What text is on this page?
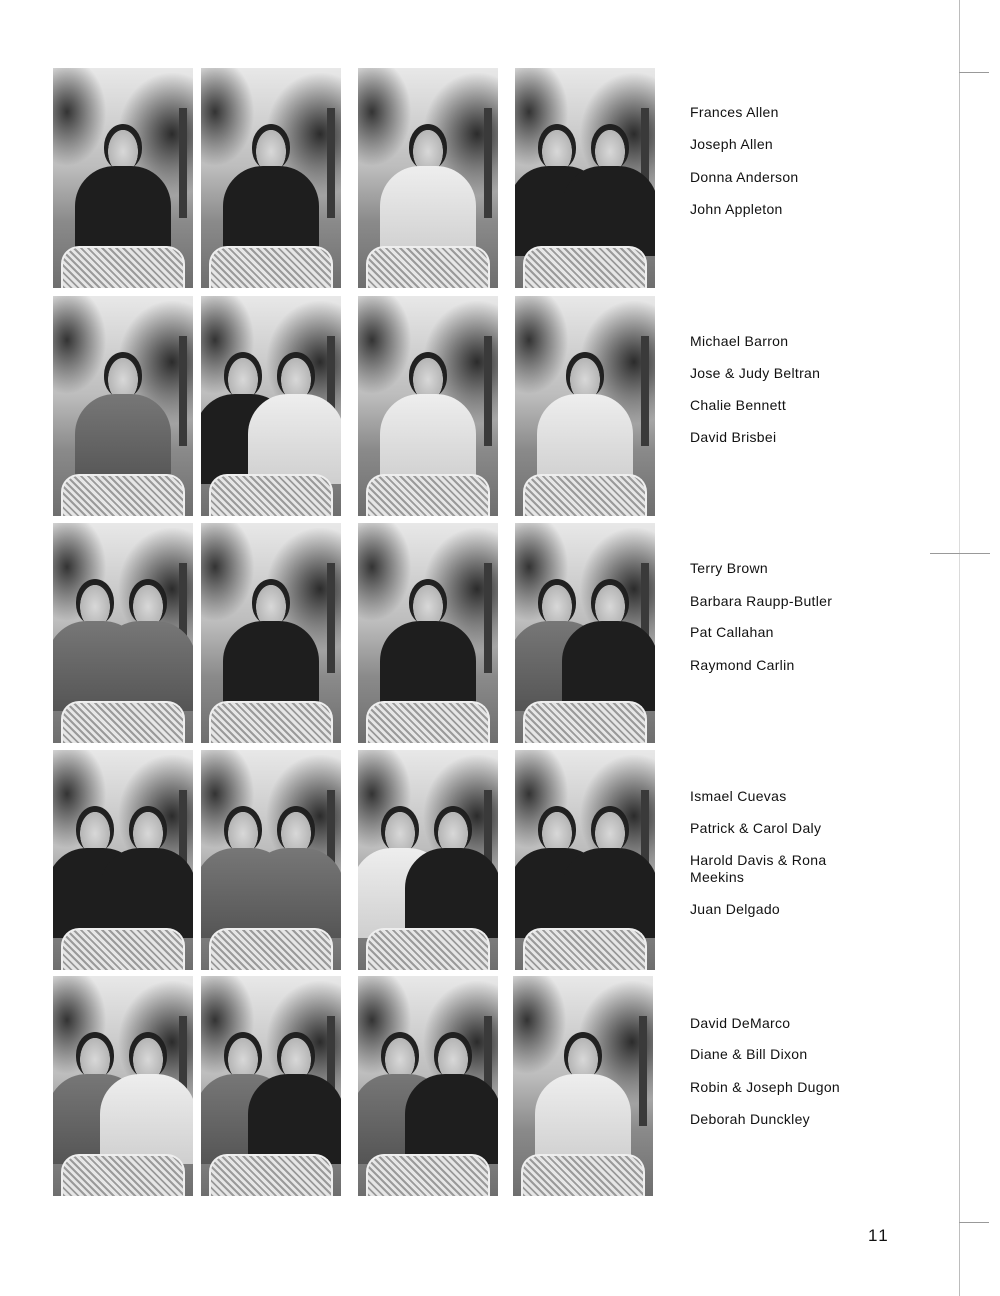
Frances Allen
Joseph Allen
Donna Anderson
John Appleton
Michael Barron
Jose & Judy Beltran
Chalie Bennett
David Brisbei
Terry Brown
Barbara Raupp-Butler
Pat Callahan
Raymond Carlin
Ismael Cuevas
Patrick & Carol Daly
Harold Davis & Rona
Meekins
Juan Delgado
David DeMarco
Diane & Bill Dixon
Robin & Joseph Dugon
Deborah Dunckley
11
